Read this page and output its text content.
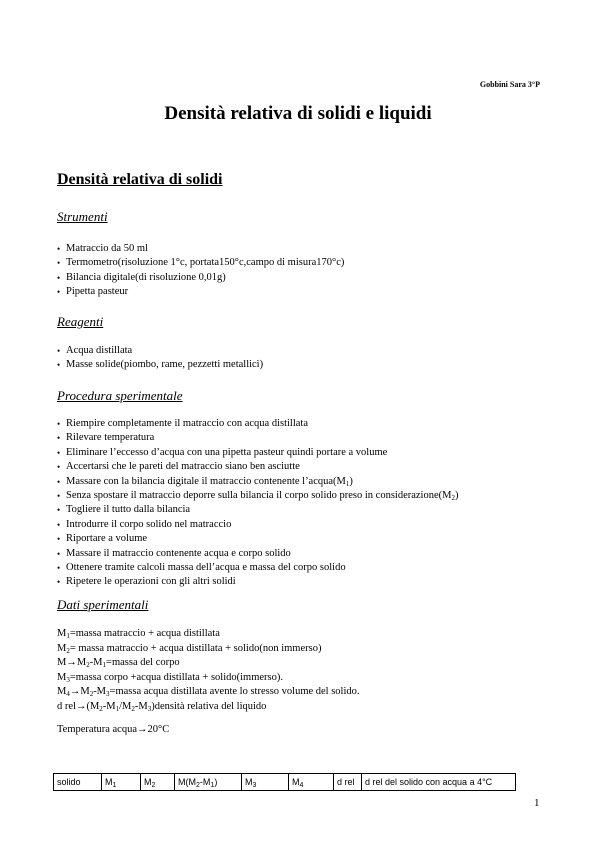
Gobbini Sara 3°P
Densità relativa di solidi e liquidi
Densità relativa di solidi
Strumenti
• Matraccio da 50 ml
• Termometro(risoluzione 1°c, portata150°c,campo di misura170°c)
• Bilancia digitale(di risoluzione 0,01g)
• Pipetta pasteur
Reagenti
• Acqua distillata
• Masse solide(piombo, rame, pezzetti metallici)
Procedura sperimentale
• Riempire completamente il matraccio con acqua distillata
• Rilevare temperatura
• Eliminare l’eccesso d’acqua con una pipetta pasteur quindi portare a volume
• Accertarsi che le pareti del matraccio siano ben asciutte
• Massare con la bilancia digitale il matraccio contenente $l’acqua(M_1)$
• Senza spostare il matraccio deporre sulla bilancia il corpo solido preso in $considerazione(M_2)$
• Togliere il tutto dalla bilancia
• Introdurre il corpo solido nel matraccio
• Riportare a volume
• Massare il matraccio contenente acqua e corpo solido
• Ottenere tramite calcoli massa dell’acqua e massa del corpo solido
• Ripetere le operazioni con gli altri solidi
Dati sperimentali
$M_1=massa$ matraccio + acqua distillata
$M_2=$ massa matraccio + acqua distillata + solido(non immerso)
$M\to M_2-M_1=massa$ del corpo
$M_3=massa$ corpo +acqua distillata + solido(immerso).
$M_4\to M_2-M_3=massa$ acqua distillata avente lo stresso volume del solido.
d $rel\to(M_2-M_1/M_2-M_3)densità$ relativa del liquido
Temperatura acqua→20°C
solido	$M_1$	$M_2$	$M(M_2-M_1)$	$M_3$	$M_4$	d rel	d rel del solido con acqua a 4°C
1
